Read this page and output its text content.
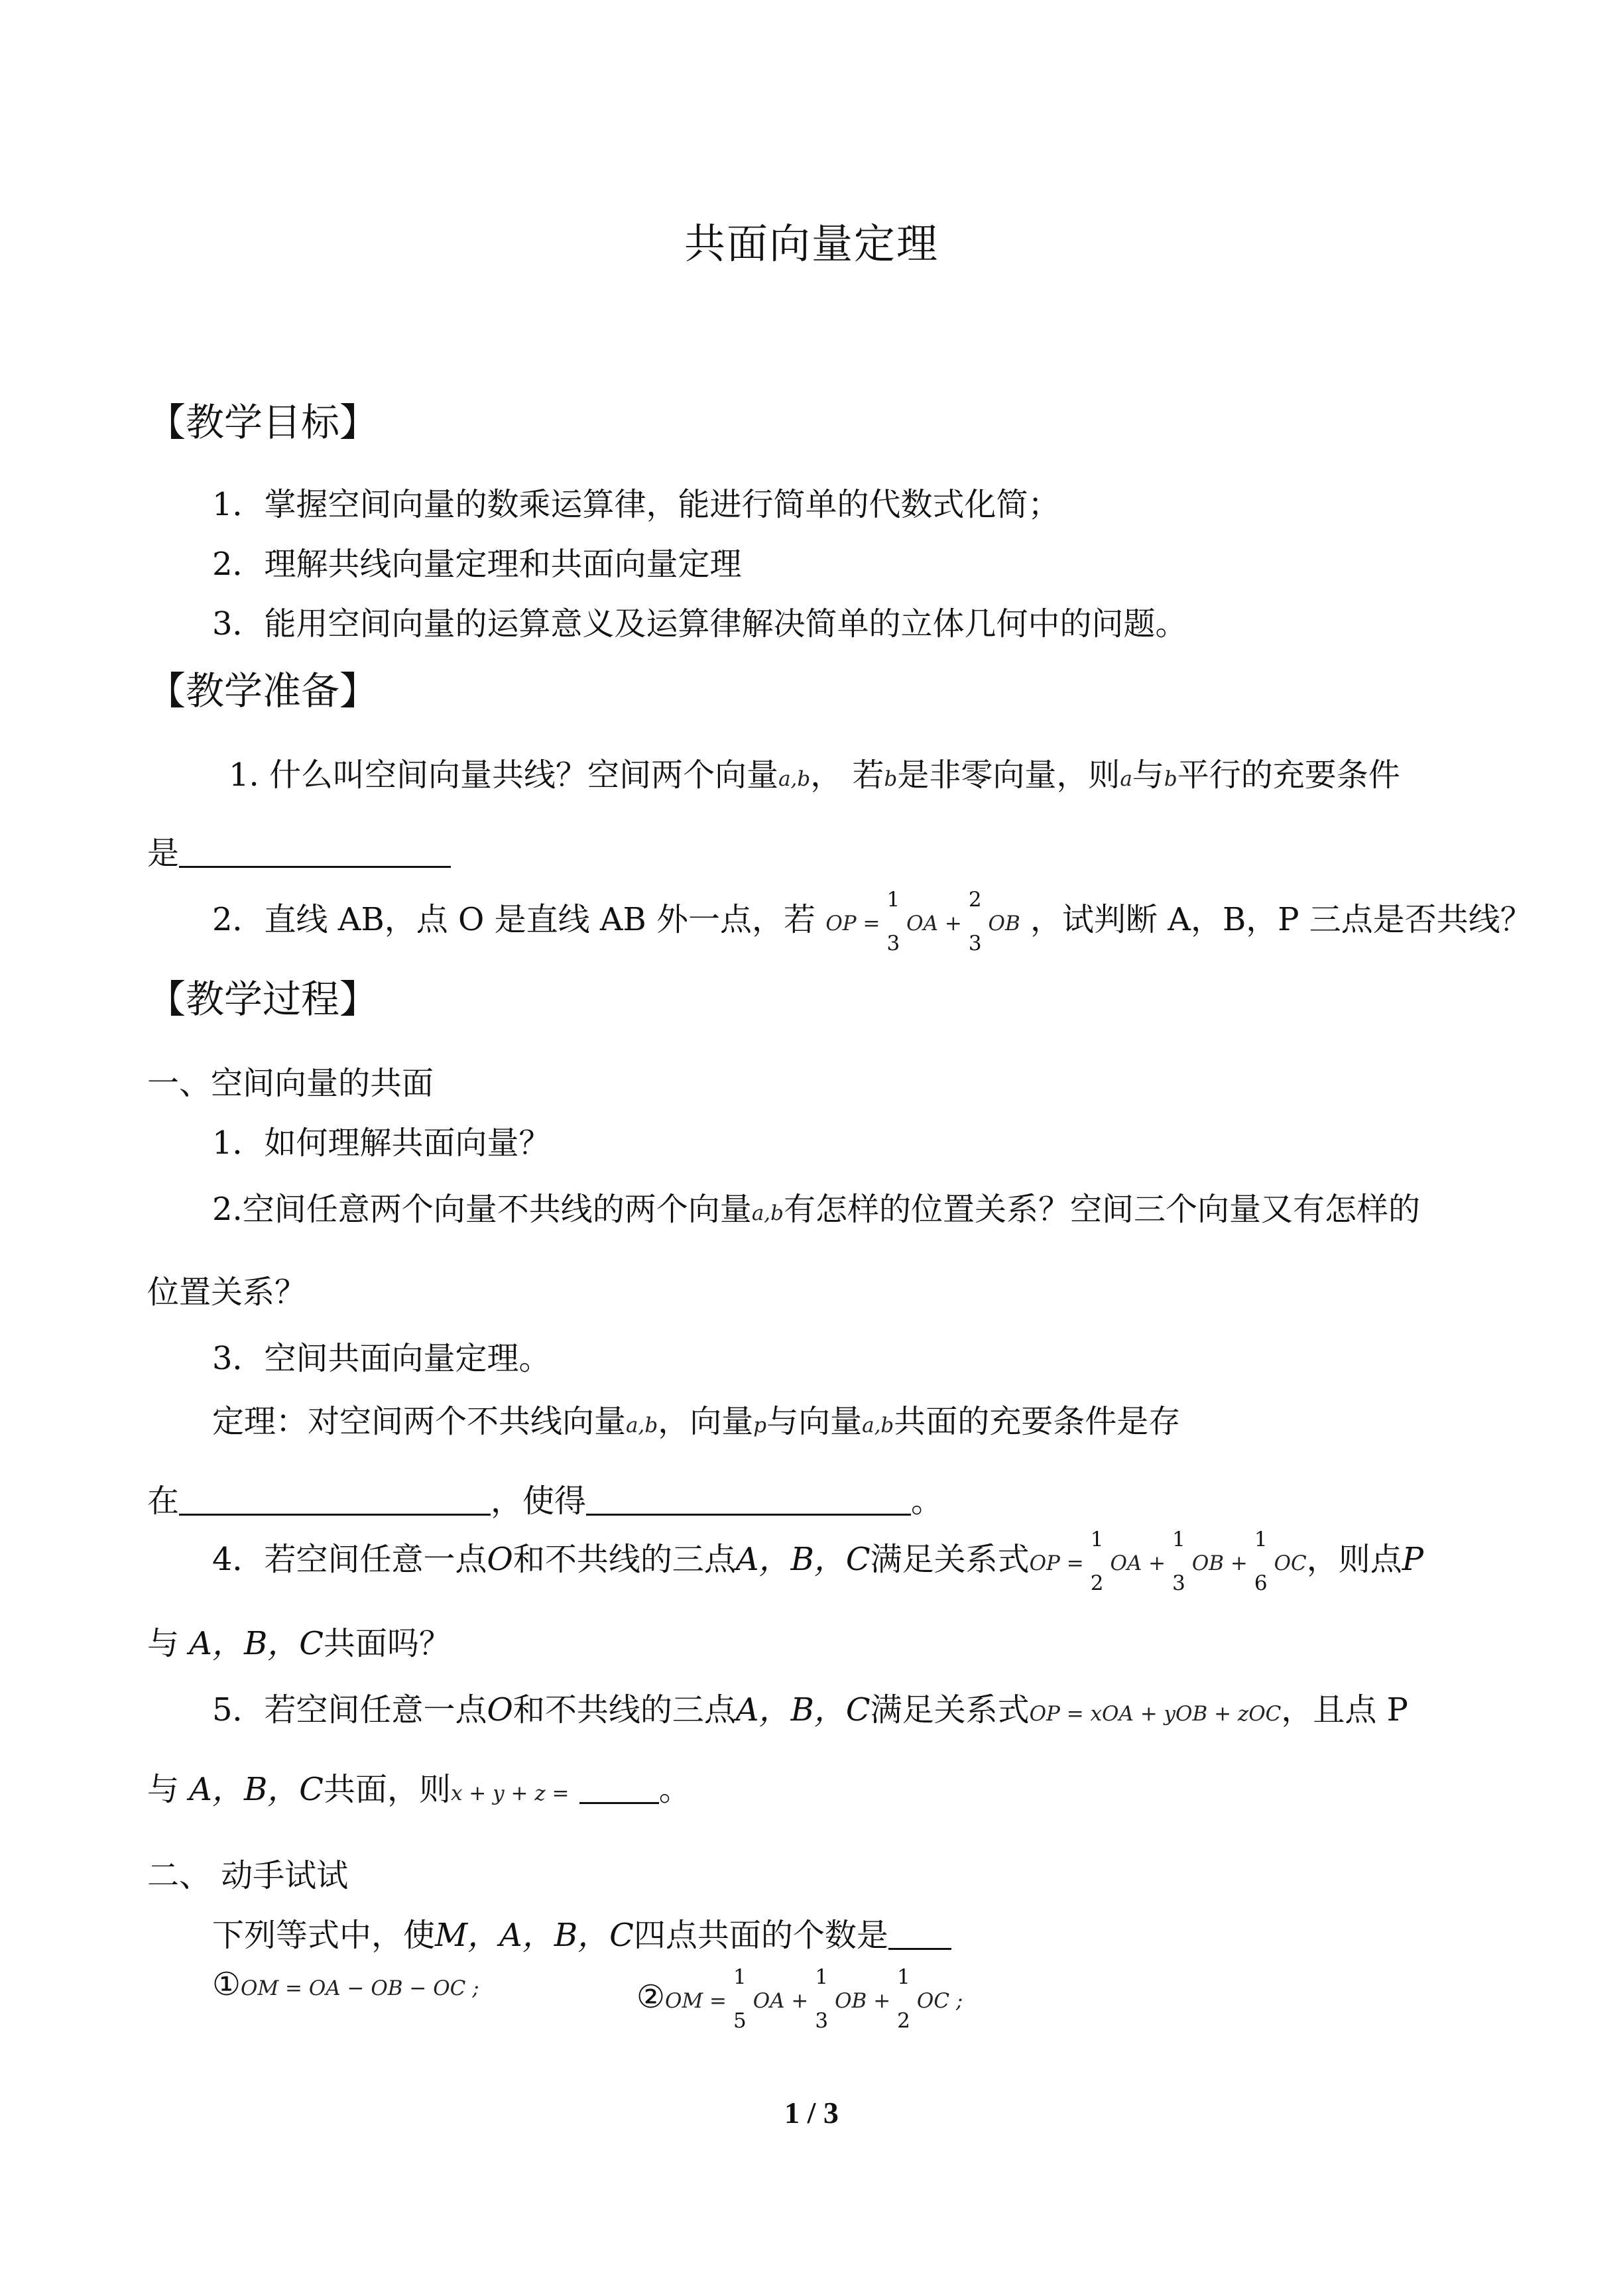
共面向量定理
【教学目标】
1．掌握空间向量的数乘运算律，能进行简单的代数式化简；
2．理解共线向量定理和共面向量定理
3．能用空间向量的运算意义及运算律解决简单的立体几何中的问题。
【教学准备】
1. 什么叫空间向量共线？空间两个向量a,b， 若b是非零向量，则a与b平行的充要条件
是
2．直线 AB，点 O 是直线 AB 外一点，若 OP =
1
3
OA +
2
3
OB ，试判断 A，B，P 三点是否共线？
【教学过程】
一、空间向量的共面
1．如何理解共面向量？
2.空间任意两个向量不共线的两个向量a,b有怎样的位置关系？空间三个向量又有怎样的
位置关系？
3．空间共面向量定理。
定理：对空间两个不共线向量a,b，向量p与向量a,b共面的充要条件是存
在	，使得	。
4．若空间任意一点O和不共线的三点A，B，C满足关系式OP =
1
2
OA +
1
3
OB +
1
6
OC，则点P
与 A，B，C共面吗？
5．若空间任意一点O和不共线的三点A，B，C满足关系式OP = xOA + yOB + zOC，且点 P
与 A，B，C共面，则x + y + z =	。
二、 动手试试
下列等式中，使M，A，B，C四点共面的个数是
①OM = OA − OB − OC ;	②OM =
1
5
OA +
1
3
OB +
1
2
OC ;
1 / 3
